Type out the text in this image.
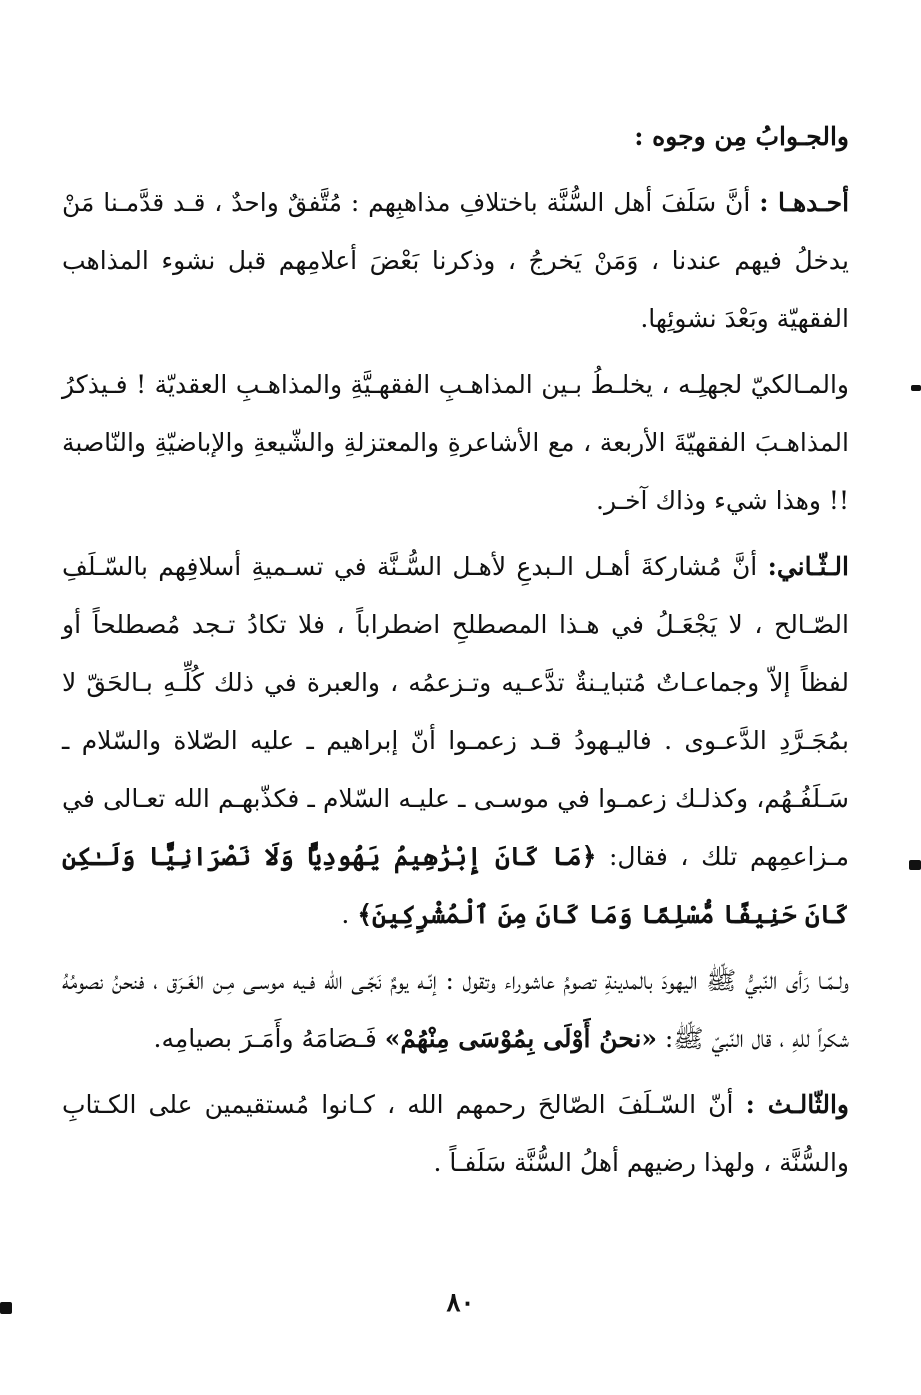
والجـوابُ مِن وجوه :

أحـدهـا : أنَّ سَلَفَ أهل السُّنَّة باختلافِ مذاهبِهم : مُتَّفقٌ واحدٌ ، قـد قدَّمـنا مَنْ يدخلُ فيهم عندنا ، وَمَنْ يَخرجُ ، وذكرنا بَعْضَ أعلامِهم قبل نشوء المذاهب الفقهيّة وبَعْدَ نشوئِها.

والمـالكيّ لجهلِـه ، يخلـطُ بـين المذاهـبِ الفقهـيَّةِ والمذاهـبِ العقديّة ! فـيذكرُ المذاهـبَ الفقهيّةَ الأربعة ، مع الأشاعرةِ والمعتزلةِ والشّيعةِ والإباضيّةِ والنّاصبة !! وهذا شيء وذاك آخـر.

الـثّـاني: أنَّ مُشاركةَ أهـل الـبدعِ لأهـل السُّـنَّة في تسـميةِ أسلافِهم بالسّـلَفِ الصّـالح ، لا يَجْعَـلُ في هـذا المصطلحِ اضطراباً ، فلا تكادُ تـجد مُصطلحاً أو لفظاً إلاّ وجماعـاتٌ مُتبايـنةٌ تدَّعـيه وتـزعمُه ، والعبرة في ذلك كُلِّـهِ بـالحَقّ لا بمُجَـرَّدِ الدَّعـوى . فاليـهودُ قـد زعمـوا أنّ إبراهيم ـ عليه الصّلاة والسّلام ـ سَـلَفُـهُم، وكذلـك زعمـوا في موسـى ـ عليـه السّلام ـ فكذّبهـم الله تعـالى في مـزاعمِهم تلك ، فقال: ﴿مَا كَانَ إِبْرَٰهِيمُ يَهُودِيًّا وَلَا نَصْرَانِيًّا وَلَـٰكِن كَانَ حَنِيفًا مُّسْلِمًا وَمَا كَانَ مِنَ ٱلْمُشْرِكِينَ﴾ .

ولـمّـا رَأى النّبيُّ ﷺ اليهودَ بالمدينةِ تصومُ عاشوراء وتقول : إنّـه يومٌ نَجّـى الله فـيه موسـى مِـن الغَـرَق ، فنحنُ نصومُهُ شكراً للهِ ، قال النّبيّ ﷺ: «نحنُ أَوْلَى بِمُوْسَى مِنْهُمْ» فَـصَامَهُ وأَمَـرَ بصيامِه.

والثّالـث : أنّ السّـلَفَ الصّالحَ رحمهم الله ، كـانوا مُستقيمين على الكـتابِ والسُّنَّة ، ولهذا رضيهم أهلُ السُّنَّة سَلَفـاً .

٨٠
